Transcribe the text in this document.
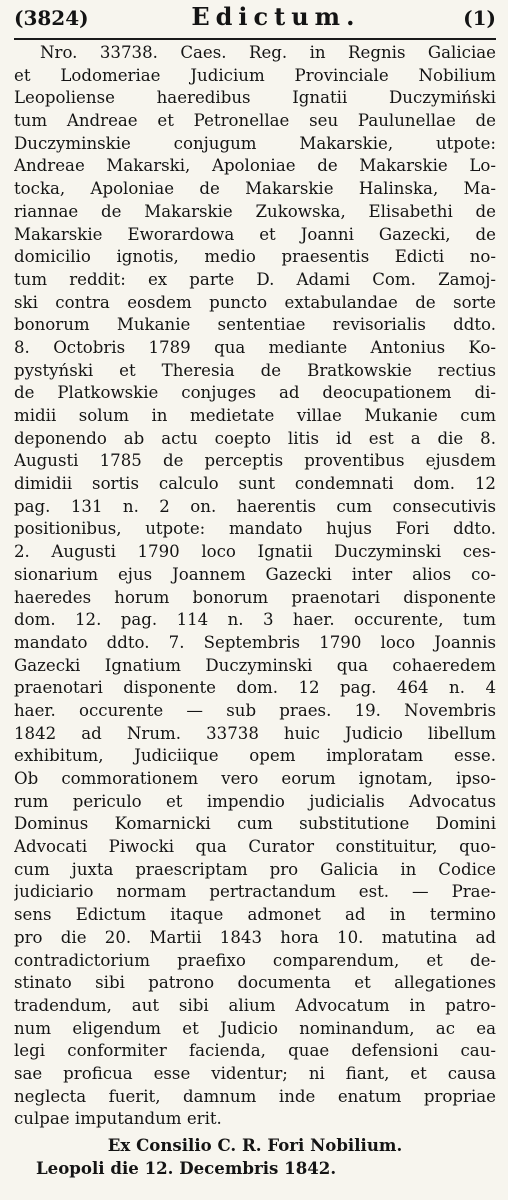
(3824)	Edictum.	(1)
Nro. 33738. Caes. Reg. in Regnis Galiciae
et Lodomeriae Judicium Provinciale Nobilium
Leopoliense haeredibus Ignatii Duczymiński
tum Andreae et Petronellae seu Paulunellae de
Duczyminskie conjugum Makarskie, utpote:
Andreae Makarski, Apoloniae de Makarskie Lo-
tocka, Apoloniae de Makarskie Halinska, Ma-
riannae de Makarskie Zukowska, Elisabethi de
Makarskie Eworardowa et Joanni Gazecki, de
domicilio ignotis, medio praesentis Edicti no-
tum reddit: ex parte D. Adami Com. Zamoj-
ski contra eosdem puncto extabulandae de sorte
bonorum Mukanie sententiae revisorialis ddto.
8. Octobris 1789 qua mediante Antonius Ko-
pystyński et Theresia de Bratkowskie rectius
de Platkowskie conjuges ad deocupationem di-
midii solum in medietate villae Mukanie cum
deponendo ab actu coepto litis id est a die 8.
Augusti 1785 de perceptis proventibus ejusdem
dimidii sortis calculo sunt condemnati dom. 12
pag. 131 n. 2 on. haerentis cum consecutivis
positionibus, utpote: mandato hujus Fori ddto.
2. Augusti 1790 loco Ignatii Duczyminski ces-
sionarium ejus Joannem Gazecki inter alios co-
haeredes horum bonorum praenotari disponente
dom. 12. pag. 114 n. 3 haer. occurente, tum
mandato ddto. 7. Septembris 1790 loco Joannis
Gazecki Ignatium Duczyminski qua cohaeredem
praenotari disponente dom. 12 pag. 464 n. 4
haer. occurente — sub praes. 19. Novembris
1842 ad Nrum. 33738 huic Judicio libellum
exhibitum, Judiciique opem imploratam esse.
Ob commorationem vero eorum ignotam, ipso-
rum periculo et impendio judicialis Advocatus
Dominus Komarnicki cum substitutione Domini
Advocati Piwocki qua Curator constituitur, quo-
cum juxta praescriptam pro Galicia in Codice
judiciario normam pertractandum est. — Prae-
sens Edictum itaque admonet ad in termino
pro die 20. Martii 1843 hora 10. matutina ad
contradictorium praefixo comparendum, et de-
stinato sibi patrono documenta et allegationes
tradendum, aut sibi alium Advocatum in patro-
num eligendum et Judicio nominandum, ac ea
legi conformiter facienda, quae defensioni cau-
sae proficua esse videntur; ni fiant, et causa
neglecta fuerit, damnum inde enatum propriae
culpae imputandum erit.
Ex Consilio C. R. Fori Nobilium.
Leopoli die 12. Decembris 1842.
